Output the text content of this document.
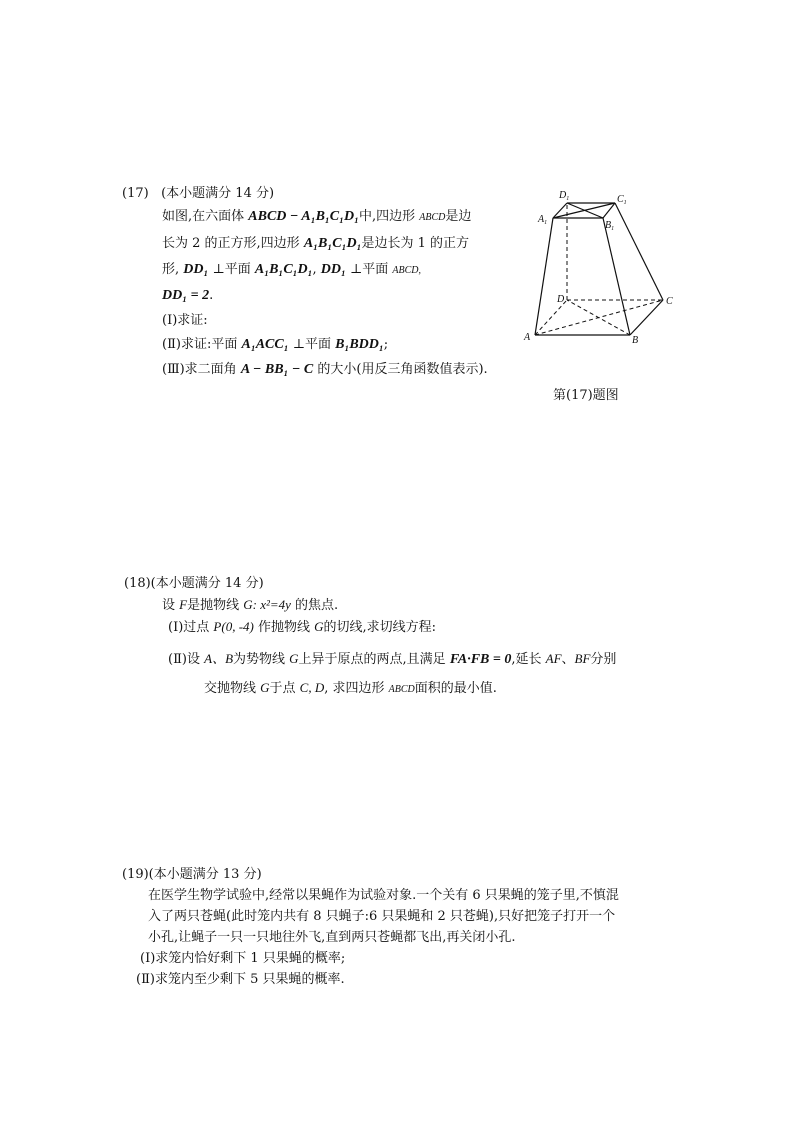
(17) (本小题满分 14 分)
如图,在六面体 ABCD − A₁B₁C₁D₁中,四边形 ABCD是边
长为 2 的正方形,四边形 A₁B₁C₁D₁是边长为 1 的正方
形, DD₁ ⊥平面 A₁B₁C₁D₁, DD₁ ⊥平面 ABCD,
DD₁ = 2.
(Ⅰ)求证:
(Ⅱ)求证:平面 A₁ACC₁ ⊥平面 B₁BDD₁;
(Ⅲ)求二面角 A − BB₁ − C 的大小(用反三角函数值表示).
$A_1$	$B_1$
$C_1$
$D_1$
A	B
C
D
第(17)题图
(18)(本小题满分 14 分)
设 F是抛物线 G: x²=4y 的焦点.
(Ⅰ)过点 P(0, -4) 作抛物线 G的切线,求切线方程:
(Ⅱ)设 A、B为势物线 G上异于原点的两点,且满足 FA·FB = 0,延长 AF、BF分别
交抛物线 G于点 C, D, 求四边形 ABCD面积的最小值.
(19)(本小题满分 13 分)
在医学生物学试验中,经常以果蝇作为试验对象.一个关有 6 只果蝇的笼子里,不慎混
入了两只苍蝇(此时笼内共有 8 只蝇子:6 只果蝇和 2 只苍蝇),只好把笼子打开一个
小孔,让蝇子一只一只地往外飞,直到两只苍蝇都飞出,再关闭小孔.
(Ⅰ)求笼内恰好剩下 1 只果蝇的概率;
(Ⅱ)求笼内至少剩下 5 只果蝇的概率.
